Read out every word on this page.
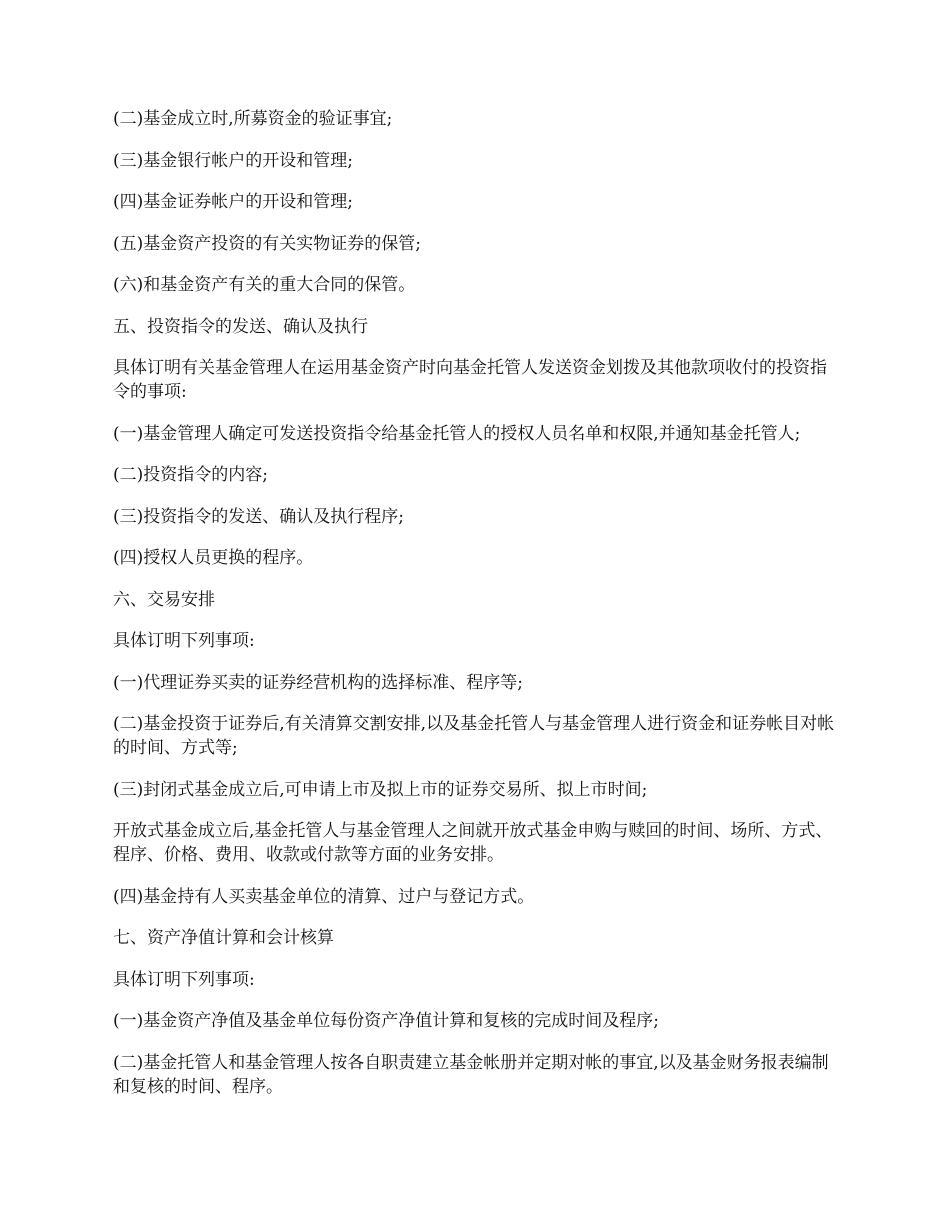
(二)基金成立时,所募资金的验证事宜;

(三)基金银行帐户的开设和管理;

(四)基金证券帐户的开设和管理;

(五)基金资产投资的有关实物证券的保管;

(六)和基金资产有关的重大合同的保管。

五、投资指令的发送、确认及执行

具体订明有关基金管理人在运用基金资产时向基金托管人发送资金划拨及其他款项收付的投资指令的事项:

(一)基金管理人确定可发送投资指令给基金托管人的授权人员名单和权限,并通知基金托管人;

(二)投资指令的内容;

(三)投资指令的发送、确认及执行程序;

(四)授权人员更换的程序。

六、交易安排

具体订明下列事项:

(一)代理证券买卖的证券经营机构的选择标准、程序等;

(二)基金投资于证券后,有关清算交割安排,以及基金托管人与基金管理人进行资金和证券帐目对帐的时间、方式等;

(三)封闭式基金成立后,可申请上市及拟上市的证券交易所、拟上市时间;

开放式基金成立后,基金托管人与基金管理人之间就开放式基金申购与赎回的时间、场所、方式、程序、价格、费用、收款或付款等方面的业务安排。

(四)基金持有人买卖基金单位的清算、过户与登记方式。

七、资产净值计算和会计核算

具体订明下列事项:

(一)基金资产净值及基金单位每份资产净值计算和复核的完成时间及程序;

(二)基金托管人和基金管理人按各自职责建立基金帐册并定期对帐的事宜,以及基金财务报表编制和复核的时间、程序。
